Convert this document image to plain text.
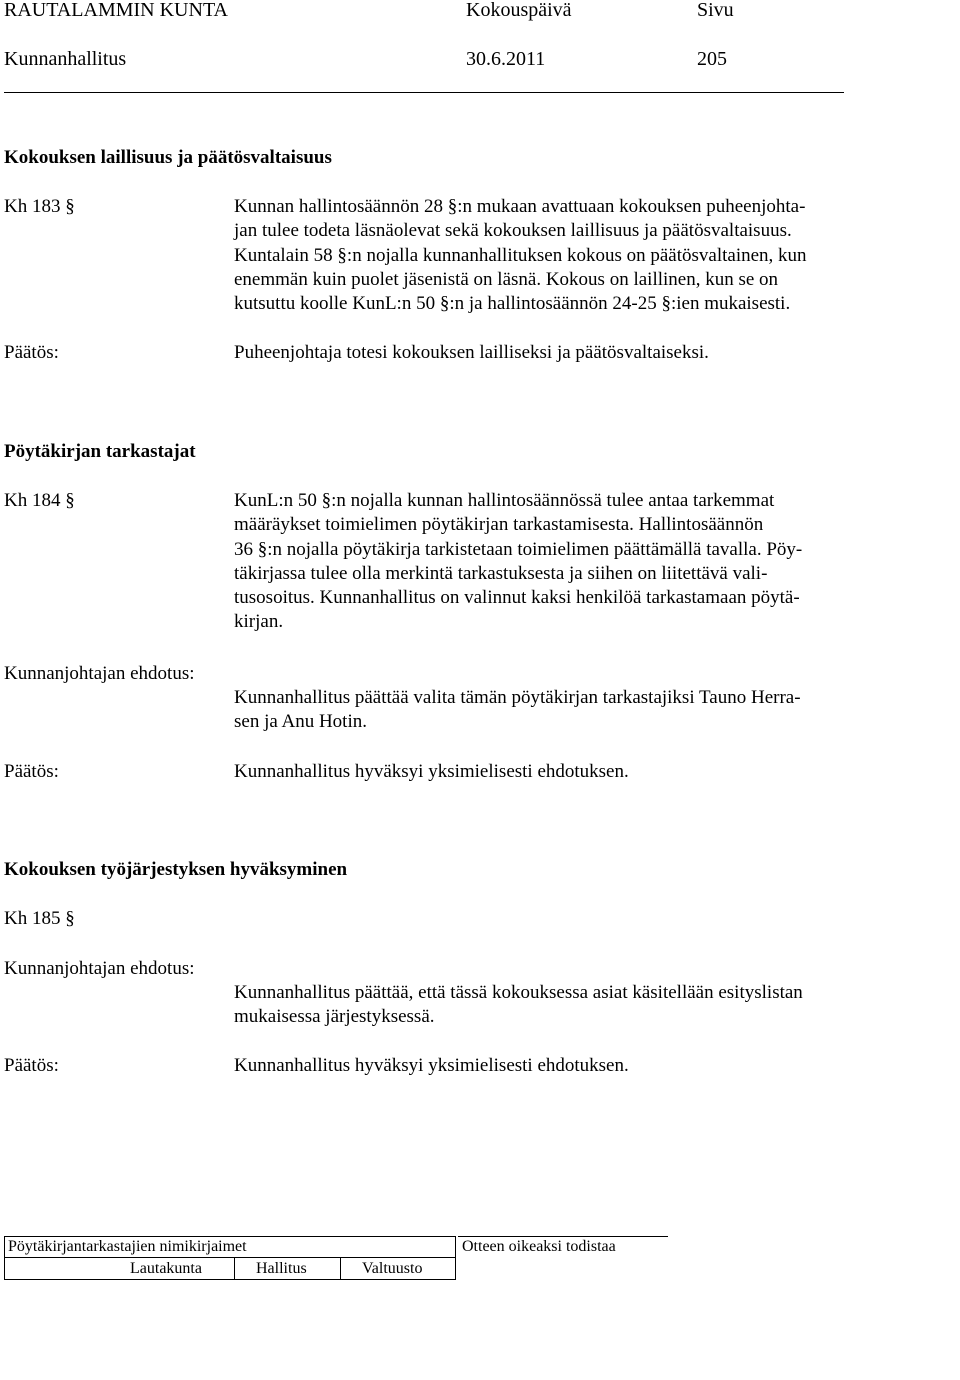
RAUTALAMMIN KUNTA	Kokouspäivä	Sivu
Kunnanhallitus	30.6.2011	205
Kokouksen laillisuus ja päätösvaltaisuus
Kh 183 §	Kunnan hallintosäännön 28 §:n mukaan avattuaan kokouksen puheenjohta-
jan tulee todeta läsnäolevat sekä kokouksen laillisuus ja päätösvaltaisuus.
Kuntalain 58 §:n nojalla kunnanhallituksen kokous on päätösvaltainen, kun
enemmän kuin puolet jäsenistä on läsnä. Kokous on laillinen, kun se on
kutsuttu koolle KunL:n 50 §:n ja hallintosäännön 24-25 §:ien mukaisesti.
Päätös:	Puheenjohtaja totesi kokouksen lailliseksi ja päätösvaltaiseksi.
Pöytäkirjan tarkastajat
Kh 184 §	KunL:n 50 §:n nojalla kunnan hallintosäännössä tulee antaa tarkemmat
määräykset toimielimen pöytäkirjan tarkastamisesta. Hallintosäännön
36 §:n nojalla pöytäkirja tarkistetaan toimielimen päättämällä tavalla. Pöy-
täkirjassa tulee olla merkintä tarkastuksesta ja siihen on liitettävä vali-
tusosoitus. Kunnanhallitus on valinnut kaksi henkilöä tarkastamaan pöytä-
kirjan.
Kunnanjohtajan ehdotus:
Kunnanhallitus päättää valita tämän pöytäkirjan tarkastajiksi Tauno Herra-
sen ja Anu Hotin.
Päätös:	Kunnanhallitus hyväksyi yksimielisesti ehdotuksen.
Kokouksen työjärjestyksen hyväksyminen
Kh 185 §
Kunnanjohtajan ehdotus:
Kunnanhallitus päättää, että tässä kokouksessa asiat käsitellään esityslistan
mukaisessa järjestyksessä.
Päätös:	Kunnanhallitus hyväksyi yksimielisesti ehdotuksen.
Pöytäkirjantarkastajien nimikirjaimet	Otteen oikeaksi todistaa
Lautakunta	Hallitus	Valtuusto
